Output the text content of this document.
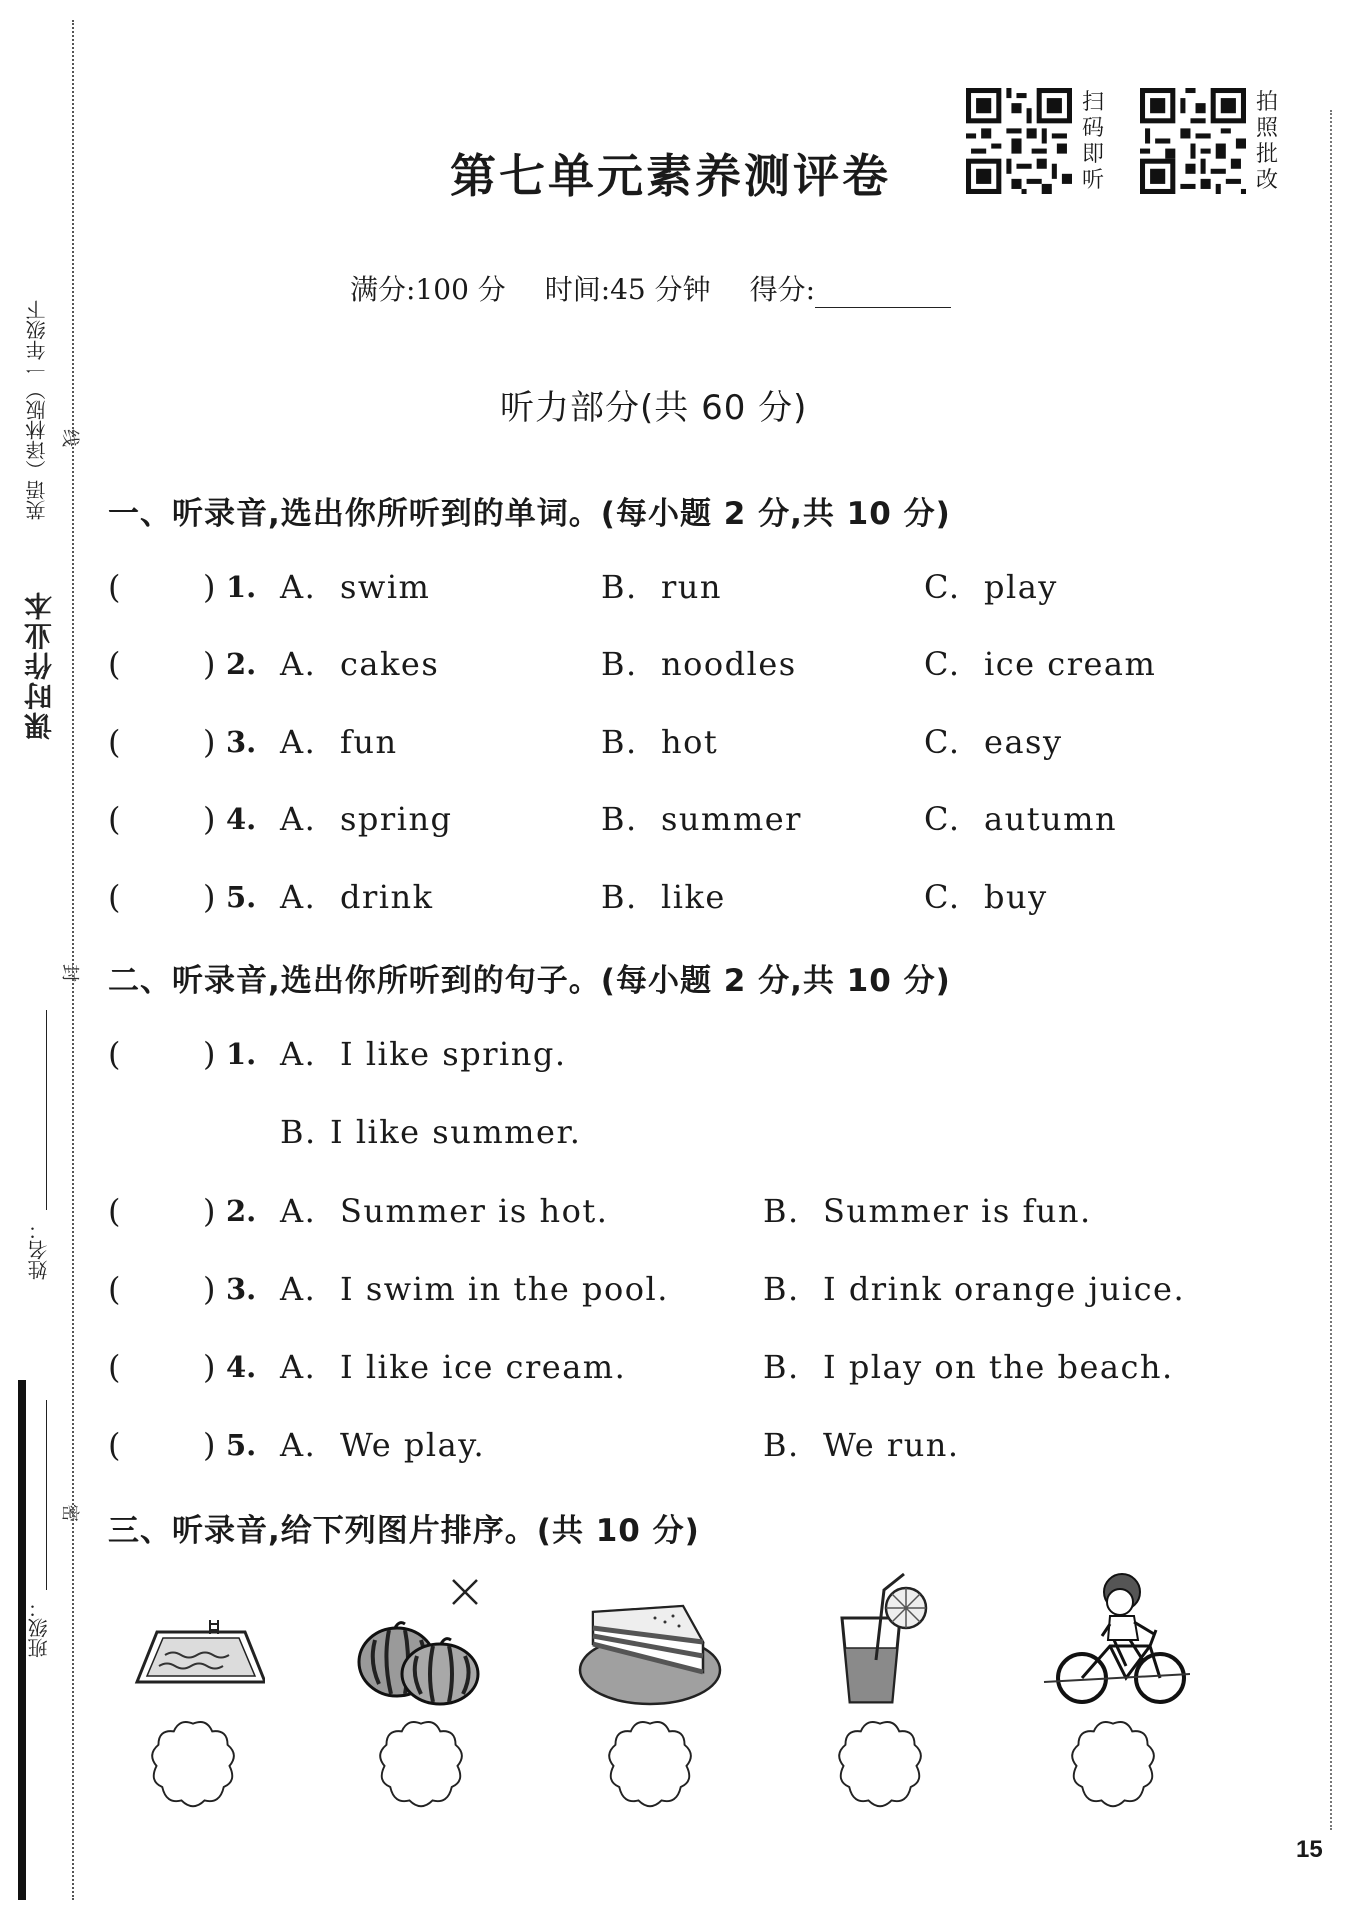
英语（译林版）一年级下
课时作业本
姓名：
班级：
线
封
密
第七单元素养测评卷
扫
码
即
听
拍
照
批
改
满分:100 分 时间:45 分钟 得分:
听力部分(共 60 分)
一、听录音,选出你所听到的单词。(每小题 2 分,共 10 分)
(	) 1. A. swim	B. run	C. play
(	) 2. A. cakes	B. noodles	C. ice cream
(	) 3. A. fun	B. hot	C. easy
(	) 4. A. spring	B. summer	C. autumn
(	) 5. A. drink	B. like	C. buy
二、听录音,选出你所听到的句子。(每小题 2 分,共 10 分)
(	) 1. A. I like spring.
B. I like summer.
(	) 2. A. Summer is hot.	B. Summer is fun.
(	) 3. A. I swim in the pool.	B. I drink orange juice.
(	) 4. A. I like ice cream.	B. I play on the beach.
(	) 5. A. We play.	B. We run.
三、听录音,给下列图片排序。(共 10 分)
15
